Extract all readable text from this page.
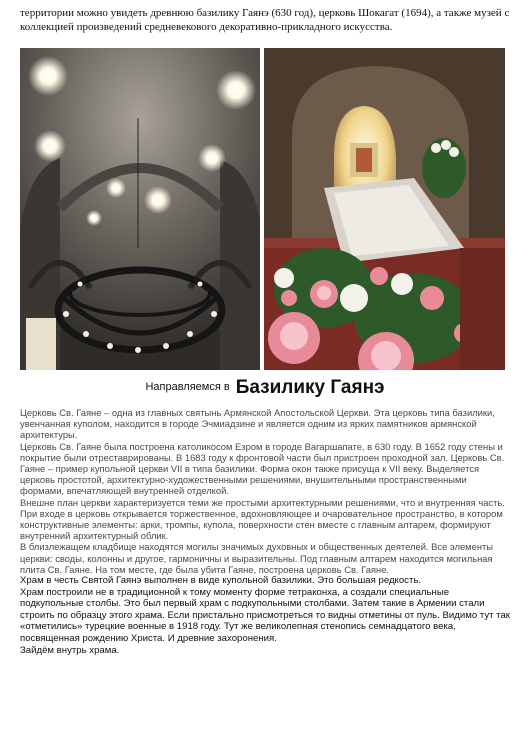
территории можно увидеть древнюю базилику Гаянэ (630 год), церковь Шокагат (1694), а также музей с коллекцией произведений средневекового декоративно-прикладного искусства.

Направляемся в Базилику Гаянэ

Церковь Св. Гаяне – одна из главных святынь Армянской Апостольской Церкви. Эта церковь типа базилики, увенчанная куполом, находится в городе Эчмиадзине и является одним из ярких памятников армянской архитектуры.

Церковь Св. Гаяне была построена католикосом Езром в городе Вагаршапате, в 630 году. В 1652 году стены и покрытие были отреставрированы. В 1683 году к фронтовой части был пристроен проходной зал. Церковь Св. Гаяне – пример купольной церкви VII в типа базилики. Форма окон также присуща к VII веку. Выделяется церковь простотой, архитектурно-художественными решениями, внушительными пространственными формами, впечатляющей внутренней отделкой.

Внешне план церкви характеризуется теми же простыми архитектурными решениями, что и внутренняя часть. При входе в церковь открывается торжественное, вдохновляющее и очаровательное пространство, в котором конструктивные элементы: арки, тромпы, купола, поверхности стен вместе с главным алтарем, формируют внутренний архитектурный облик.

В близлежащем кладбище находятся могилы значимых духовных и общественных деятелей. Все элементы церкви: своды, колонны и другое, гармоничны и выразительны. Под главным алтарем находится могильная плита Св. Гаяне. На том месте, где была убита Гаяне, построена церковь Св. Гаяне.

Храм в честь Святой Гаянэ выполнен в виде купольной базилики. Это большая редкость.

Храм построили не в традиционной к тому моменту форме тетраконха, а создали специальные подкупольные столбы. Это был первый храм с подкупольными столбами. Затем такие в Армении стали строить по образцу этого храма. Если пристально присмотреться то видны отметины от пуль. Видимо тут так «отметились» турецкие военные в 1918 году. Тут же великолепная стенопись семнадцатого века, посвященная рождению Христа. И древние захоронения.

Зайдём внутрь храма.
